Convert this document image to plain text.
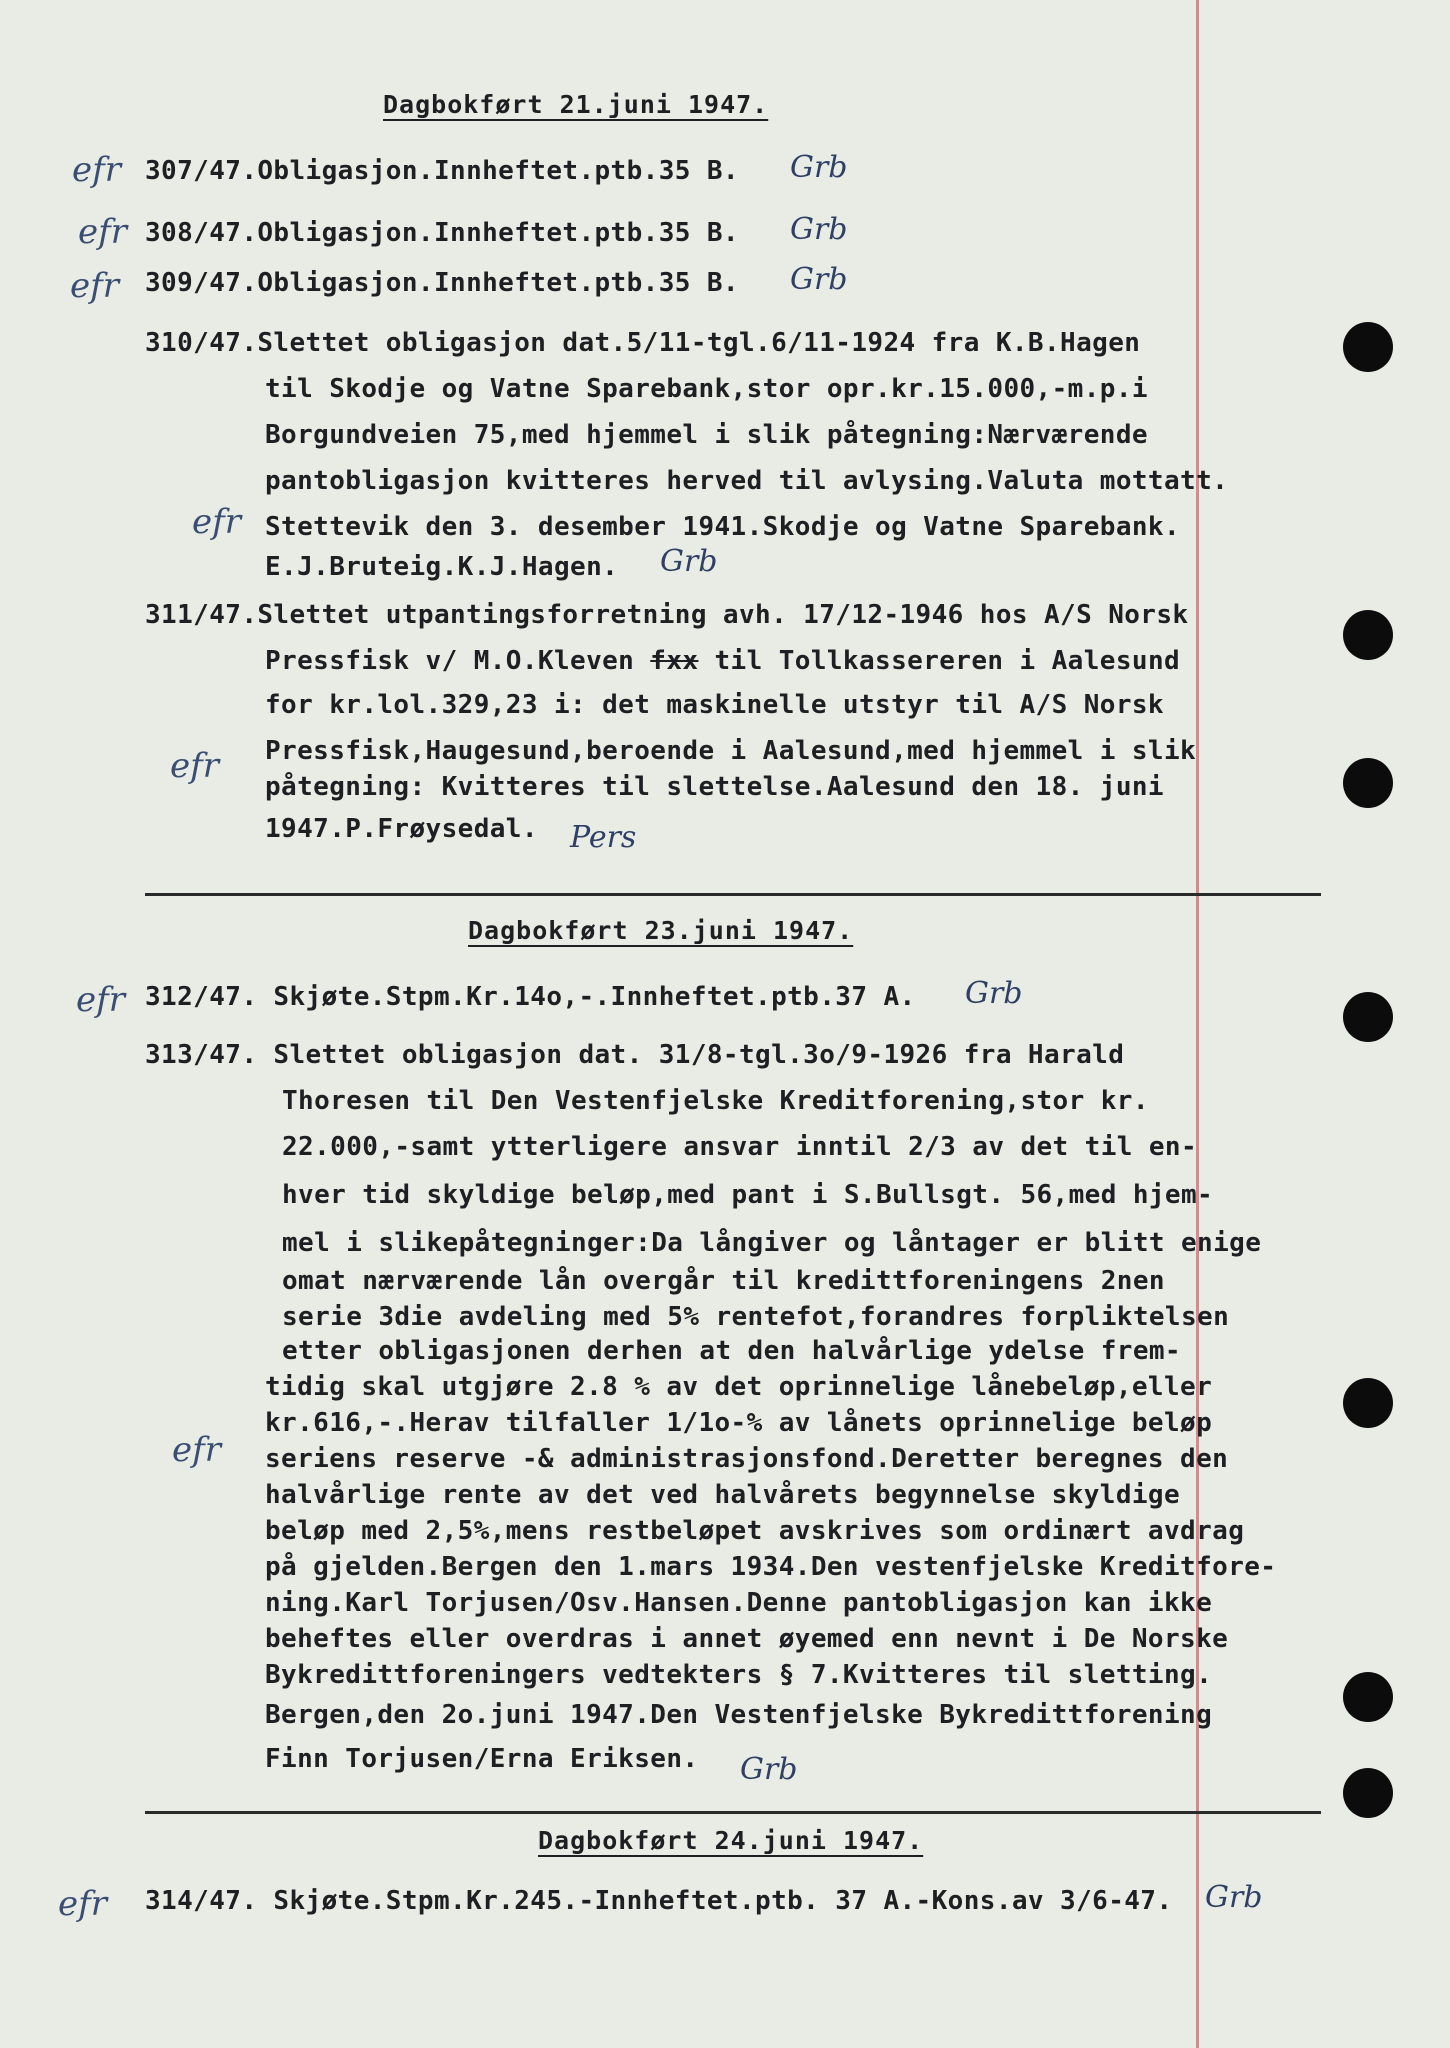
Dagbokført 21.juni 1947.
efr 307/47.Obligasjon.Innheftet.ptb.35 B. Grb
efr 308/47.Obligasjon.Innheftet.ptb.35 B. Grb
efr 309/47.Obligasjon.Innheftet.ptb.35 B. Grb
310/47.Slettet obligasjon dat.5/11-tgl.6/11-1924 fra K.B.Hagen
til Skodje og Vatne Sparebank,stor opr.kr.15.000,-m.p.i
Borgundveien 75,med hjemmel i slik påtegning:Nærværende
pantobligasjon kvitteres herved til avlysing.Valuta mottatt.
efr Stettevik den 3. desember 1941.Skodje og Vatne Sparebank.
E.J.Bruteig.K.J.Hagen. Grb
311/47.Slettet utpantingsforretning avh. 17/12-1946 hos A/S Norsk
Pressfisk v/ M.O.Kleven fxx til Tollkassereren i Aalesund
for kr.lol.329,23 i: det maskinelle utstyr til A/S Norsk
efr Pressfisk,Haugesund,beroende i Aalesund,med hjemmel i slik
påtegning: Kvitteres til slettelse.Aalesund den 18. juni
1947.P.Frøysedal. Pers
Dagbokført 23.juni 1947.
efr 312/47. Skjøte.Stpm.Kr.14o,-.Innheftet.ptb.37 A. Grb
313/47. Slettet obligasjon dat. 31/8-tgl.3o/9-1926 fra Harald
Thoresen til Den Vestenfjelske Kreditforening,stor kr.
22.000,-samt ytterligere ansvar inntil 2/3 av det til en-
hver tid skyldige beløp,med pant i S.Bullsgt. 56,med hjem-
mel i slikepåtegninger:Da långiver og låntager er blitt enige
omat nærværende lån overgår til kredittforeningens 2nen
serie 3die avdeling med 5% rentefot,forandres forpliktelsen
etter obligasjonen derhen at den halvårlige ydelse frem-
tidig skal utgjøre 2.8 % av det oprinnelige lånebeløp,eller
kr.616,-.Herav tilfaller 1/1o-% av lånets oprinnelige beløp
efr seriens reserve -& administrasjonsfond.Deretter beregnes den
halvårlige rente av det ved halvårets begynnelse skyldige
beløp med 2,5%,mens restbeløpet avskrives som ordinært avdrag
på gjelden.Bergen den 1.mars 1934.Den vestenfjelske Kreditfore-
ning.Karl Torjusen/Osv.Hansen.Denne pantobligasjon kan ikke
beheftes eller overdras i annet øyemed enn nevnt i De Norske
Bykredittforeningers vedtekters § 7.Kvitteres til sletting.
Bergen,den 2o.juni 1947.Den Vestenfjelske Bykredittforening
Finn Torjusen/Erna Eriksen. Grb
Dagbokført 24.juni 1947.
efr 314/47. Skjøte.Stpm.Kr.245.-Innheftet.ptb. 37 A.-Kons.av 3/6-47. Grb
